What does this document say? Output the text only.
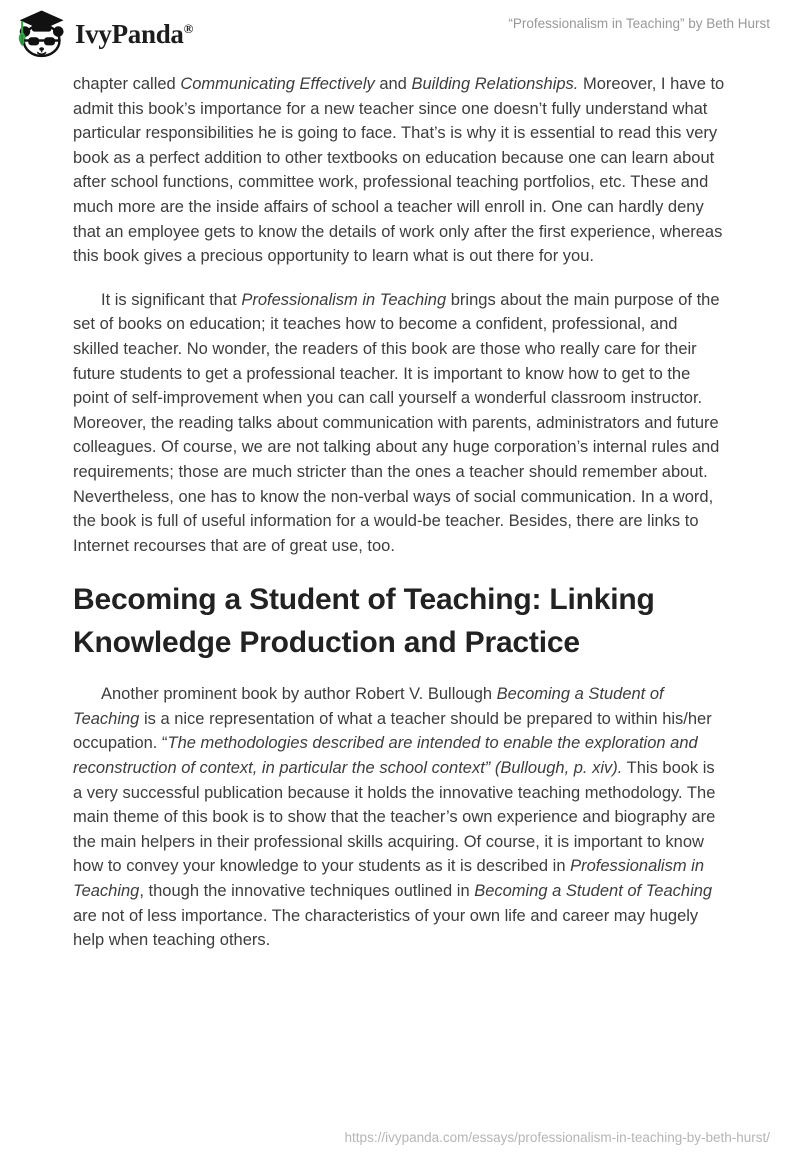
IvyPanda®	“Professionalism in Teaching” by Beth Hurst

chapter called Communicating Effectively and Building Relationships. Moreover, I have to admit this book’s importance for a new teacher since one doesn’t fully understand what particular responsibilities he is going to face. That’s is why it is essential to read this very book as a perfect addition to other textbooks on education because one can learn about after school functions, committee work, professional teaching portfolios, etc. These and much more are the inside affairs of school a teacher will enroll in. One can hardly deny that an employee gets to know the details of work only after the first experience, whereas this book gives a precious opportunity to learn what is out there for you.

It is significant that Professionalism in Teaching brings about the main purpose of the set of books on education; it teaches how to become a confident, professional, and skilled teacher. No wonder, the readers of this book are those who really care for their future students to get a professional teacher. It is important to know how to get to the point of self-improvement when you can call yourself a wonderful classroom instructor. Moreover, the reading talks about communication with parents, administrators and future colleagues. Of course, we are not talking about any huge corporation’s internal rules and requirements; those are much stricter than the ones a teacher should remember about. Nevertheless, one has to know the non-verbal ways of social communication. In a word, the book is full of useful information for a would-be teacher. Besides, there are links to Internet recourses that are of great use, too.

Becoming a Student of Teaching: Linking Knowledge Production and Practice

Another prominent book by author Robert V. Bullough Becoming a Student of Teaching is a nice representation of what a teacher should be prepared to within his/her occupation. “The methodologies described are intended to enable the exploration and reconstruction of context, in particular the school context” (Bullough, p. xiv). This book is a very successful publication because it holds the innovative teaching methodology. The main theme of this book is to show that the teacher’s own experience and biography are the main helpers in their professional skills acquiring. Of course, it is important to know how to convey your knowledge to your students as it is described in Professionalism in Teaching, though the innovative techniques outlined in Becoming a Student of Teaching are not of less importance. The characteristics of your own life and career may hugely help when teaching others.

https://ivypanda.com/essays/professionalism-in-teaching-by-beth-hurst/
